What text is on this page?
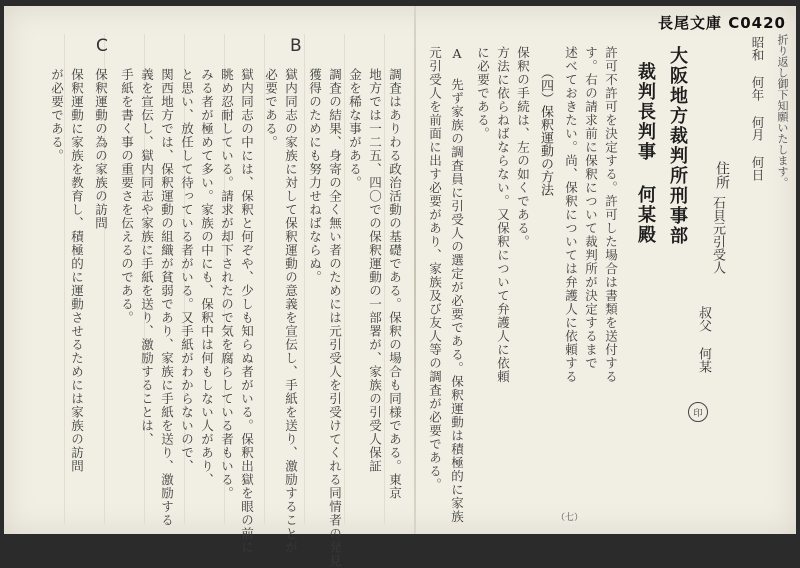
長尾文庫 C0420
折り返し御下知願いたします。
昭和 何年 何月 何日
住所
石貝元引受人
叔父 何某
印
大阪地方裁判所刑事部
裁判長判事 何某殿
許可不許可を決定する。許可した場合は書類を送付する
す。右の請求前に保釈について裁判所が決定するまで
述べておきたい。尚、保釈については弁護人に依頼する
（四）保釈運動の方法
保釈の手続は、左の如くである。
方法に依らねばならない。又保釈について弁護人に依頼
に必要である。
A 先ず家族の調査員に引受人の選定が必要である。保釈運動は積極的に家族
元引受人を前面に出す必要があり、家族及び友人等の調査が必要である。
（七）
B
C
調査はありわる政治活動の基礎である。保釈の場合も同様である。東京
地方では一二五、四〇での保釈運動の一部署が、家族の引受人保証
金を稀な事がある。
調査の結果、身寄の全く無い者のためには元引受人を引受けてくれる同情者の発見
獲得のためにも努力せねばならぬ。
獄内同志の家族に対して保釈運動の意義を宣伝し、手紙を送り、激励することが
必要である。
獄内同志の中には、保釈と何ぞや、少しも知らぬ者がいる。保釈出獄を眼の前に
眺め忍耐している。請求が却下されたので気を腐らしている者もいる。
みる者が極めて多い。家族の中にも、保釈中は何もしない人があり、
と思い、放任して待っている者がいる。又手紙がわからないので、
関西地方では、保釈運動の組織が貧弱であり、家族に手紙を送り、激励する
義を宣伝し、獄内同志や家族に手紙を送り、激励することは、
手紙を書く事の重要さを伝えるのである。
保釈運動の為の家族の訪問
保釈運動に家族を教育し、積極的に運動させるためには家族の訪問
が必要である。
